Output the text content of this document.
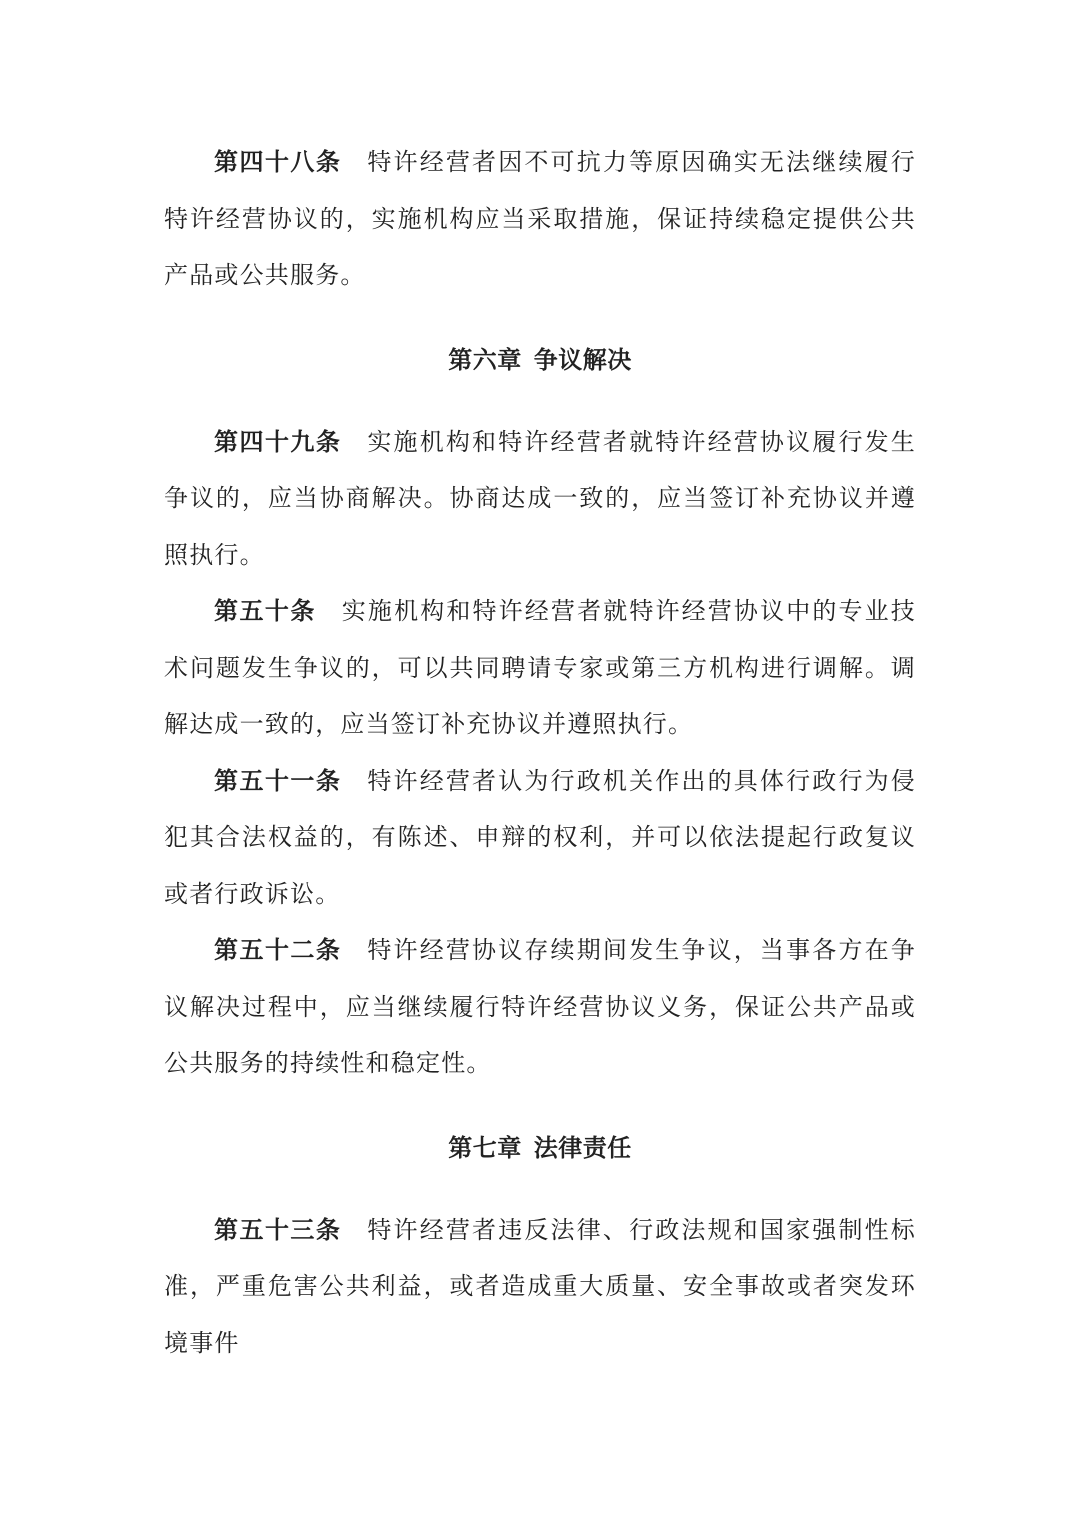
第四十八条 特许经营者因不可抗力等原因确实无法继续履行特许经营协议的，实施机构应当采取措施，保证持续稳定提供公共产品或公共服务。

第六章 争议解决

第四十九条 实施机构和特许经营者就特许经营协议履行发生争议的，应当协商解决。协商达成一致的，应当签订补充协议并遵照执行。

第五十条 实施机构和特许经营者就特许经营协议中的专业技术问题发生争议的，可以共同聘请专家或第三方机构进行调解。调解达成一致的，应当签订补充协议并遵照执行。

第五十一条 特许经营者认为行政机关作出的具体行政行为侵犯其合法权益的，有陈述、申辩的权利，并可以依法提起行政复议或者行政诉讼。

第五十二条 特许经营协议存续期间发生争议，当事各方在争议解决过程中，应当继续履行特许经营协议义务，保证公共产品或公共服务的持续性和稳定性。

第七章 法律责任

第五十三条 特许经营者违反法律、行政法规和国家强制性标准，严重危害公共利益，或者造成重大质量、安全事故或者突发环境事件
